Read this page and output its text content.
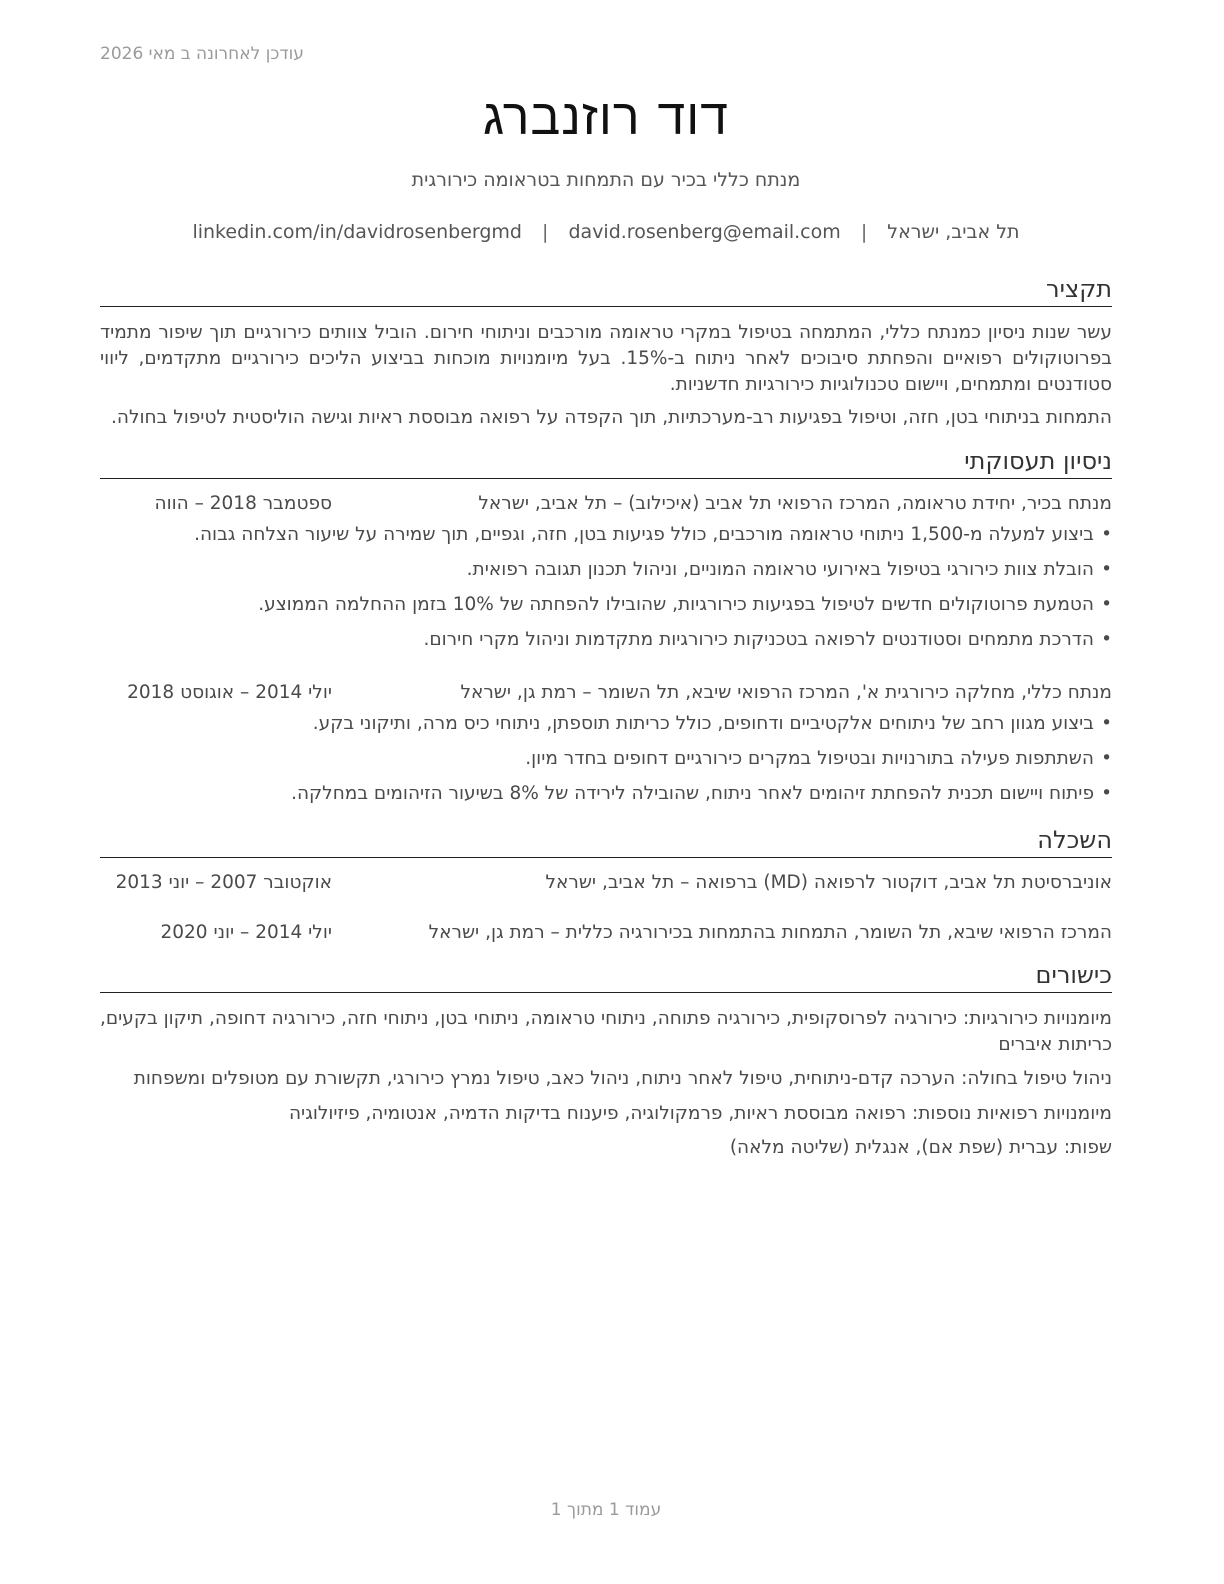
עודכן לאחרונה ב מאי 2026
דוד רוזנברג
מנתח כללי בכיר עם התמחות בטראומה כירורגית
תל אביב, ישראל | david.rosenberg@email.com | linkedin.com/in/davidrosenbergmd
תקציר
עשר שנות ניסיון כמנתח כללי, המתמחה בטיפול במקרי טראומה מורכבים וניתוחי חירום. הוביל צוותים כירורגיים תוך שיפור מתמיד בפרוטוקולים רפואיים והפחתת סיבוכים לאחר ניתוח ב-15%. בעל מיומנויות מוכחות בביצוע הליכים כירורגיים מתקדמים, ליווי סטודנטים ומתמחים, ויישום טכנולוגיות כירורגיות חדשניות.
התמחות בניתוחי בטן, חזה, וטיפול בפגיעות רב-מערכתיות, תוך הקפדה על רפואה מבוססת ראיות וגישה הוליסטית לטיפול בחולה.
ניסיון תעסוקתי
מנתח בכיר, יחידת טראומה, המרכז הרפואי תל אביב (איכילוב) – תל אביב, ישראל
ספטמבר 2018 – הווה
• ביצוע למעלה מ-1,500 ניתוחי טראומה מורכבים, כולל פגיעות בטן, חזה, וגפיים, תוך שמירה על שיעור הצלחה גבוה.
• הובלת צוות כירורגי בטיפול באירועי טראומה המוניים, וניהול תכנון תגובה רפואית.
• הטמעת פרוטוקולים חדשים לטיפול בפגיעות כירורגיות, שהובילו להפחתה של 10% בזמן ההחלמה הממוצע.
• הדרכת מתמחים וסטודנטים לרפואה בטכניקות כירורגיות מתקדמות וניהול מקרי חירום.
מנתח כללי, מחלקה כירורגית א', המרכז הרפואי שיבא, תל השומר – רמת גן, ישראל
יולי 2014 – אוגוסט 2018
• ביצוע מגוון רחב של ניתוחים אלקטיביים ודחופים, כולל כריתות תוספתן, ניתוחי כיס מרה, ותיקוני בקע.
• השתתפות פעילה בתורנויות ובטיפול במקרים כירורגיים דחופים בחדר מיון.
• פיתוח ויישום תכנית להפחתת זיהומים לאחר ניתוח, שהובילה לירידה של 8% בשיעור הזיהומים במחלקה.
השכלה
אוניברסיטת תל אביב, דוקטור לרפואה (MD) ברפואה – תל אביב, ישראל
אוקטובר 2007 – יוני 2013
המרכז הרפואי שיבא, תל השומר, התמחות בהתמחות בכירורגיה כללית – רמת גן, ישראל
יולי 2014 – יוני 2020
כישורים
מיומנויות כירורגיות: כירורגיה לפרוסקופית, כירורגיה פתוחה, ניתוחי טראומה, ניתוחי בטן, ניתוחי חזה, כירורגיה דחופה, תיקון בקעים, כריתות איברים
ניהול טיפול בחולה: הערכה קדם-ניתוחית, טיפול לאחר ניתוח, ניהול כאב, טיפול נמרץ כירורגי, תקשורת עם מטופלים ומשפחות
מיומנויות רפואיות נוספות: רפואה מבוססת ראיות, פרמקולוגיה, פיענוח בדיקות הדמיה, אנטומיה, פיזיולוגיה
שפות: עברית (שפת אם), אנגלית (שליטה מלאה)
עמוד 1 מתוך 1
